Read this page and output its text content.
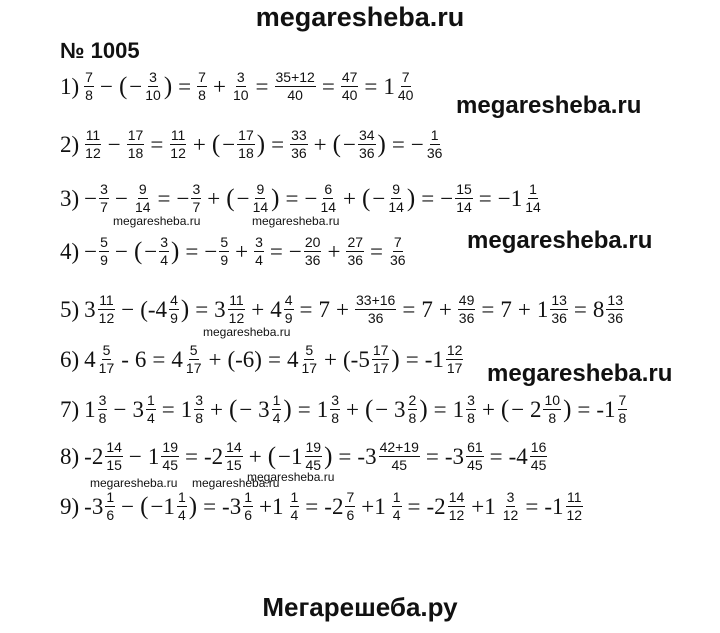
megaresheba.ru
№ 1005
$1) \frac{7}{8}$ − ( − $\frac{3}{10}$ ) = $\frac{7}{8} + \frac{3}{10} = \frac{35+12}{40} = \frac{47}{40} = 1 \frac{7}{40}$
$2) \frac{11}{12} - \frac{17}{18} = \frac{11}{12}$ + ( − $\frac{17}{18}$ ) = $\frac{33}{36}$ + ( − $\frac{34}{36}$ ) = − $\frac{1}{36}$
$3) - \frac{3}{7} - \frac{9}{14}$ = − $\frac{3}{7}$ + ( − $\frac{9}{14}$ ) = − $\frac{6}{14}$ + ( − $\frac{9}{14}$ ) = − $\frac{15}{14} = -1 \frac{1}{14}$
$4) - \frac{5}{9}$ − ( − $\frac{3}{4}$ ) = − $\frac{5}{9} + \frac{3}{4}$ = − $\frac{20}{36} + \frac{27}{36} = \frac{7}{36}$
5) $3 \frac{11}{12} - (-4 \frac{4}{9}$ ) = $3 \frac{11}{12} + 4 \frac{4}{9} = 7 + \frac{33+16}{36} = 7 + \frac{49}{36} = 7 + 1 \frac{13}{36} = 8 \frac{13}{36}$
6) $4 \frac{5}{17} - 6 = 4 \frac{5}{17} + (-6) = 4 \frac{5}{17} + (-5 \frac{17}{17}$ ) = $-1 \frac{12}{17}$
7) $1 \frac{3}{8} - 3 \frac{1}{4} = 1 \frac{3}{8}$ + ( − $3 \frac{1}{4}$ ) = $1 \frac{3}{8}$ + ( − $3 \frac{2}{8}$ ) = $1 \frac{3}{8}$ + ( − $2 \frac{10}{8}$ ) = $-1 \frac{7}{8}$
8) $-2 \frac{14}{15} - 1 \frac{19}{45} = -2 \frac{14}{15}$ + ( $-1 \frac{19}{45}$ ) = $-3 \frac{42+19}{45} = -3 \frac{61}{45} = -4 \frac{16}{45}$
9) $-3 \frac{1}{6}$ − ( $-1 \frac{1}{4}$ ) = $-3 \frac{1}{6} +1 \frac{1}{4} = -2 \frac{7}{6} +1 \frac{1}{4} = -2 \frac{14}{12} +1 \frac{3}{12} = -1 \frac{11}{12}$
megaresheba.ru
megaresheba.ru	megaresheba.ru
megaresheba.ru
megaresheba.ru
megaresheba.ru
megaresheba.ru
megaresheba.ru
megaresheba.ru
Мегарешеба.ру
